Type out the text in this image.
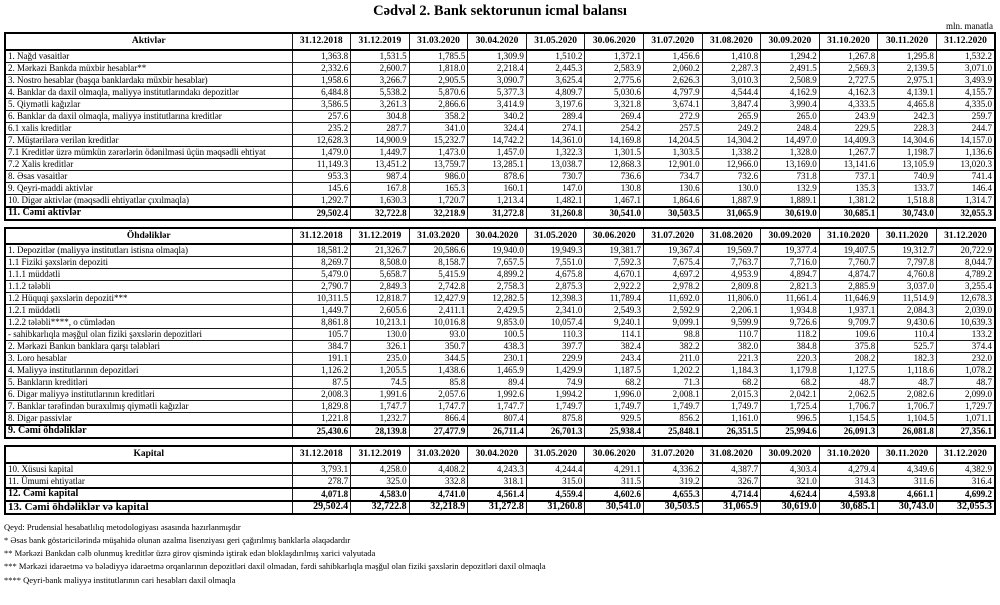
Cədvəl 2. Bank sektorunun icmal balansı
mln. manatla
Aktivlər	31.12.2018	31.12.2019	31.03.2020	30.04.2020	31.05.2020	30.06.2020	31.07.2020	31.08.2020	30.09.2020	31.10.2020	30.11.2020	31.12.2020
1. Nağd vəsaitlər	1,363.8	1,531.5	1,785.5	1,309.9	1,510.2	1,372.1	1,456.6	1,410.8	1,294.2	1,267.8	1,295.8	1,532.2
2. Mərkəzi Bankda müxbir hesablar**	2,332.6	2,600.7	1,818.0	2,218.4	2,445.3	2,583.9	2,060.2	2,287.3	2,491.5	2,569.3	2,139.5	3,071.0
3. Nostro hesablar (başqa banklardakı müxbir hesablar)	1,958.6	3,266.7	2,905.5	3,090.7	3,625.4	2,775.6	2,626.3	3,010.3	2,508.9	2,727.5	2,975.1	3,493.9
4. Banklar da daxil olmaqla, maliyyə institutlarındakı depozitlər	6,484.8	5,538.2	5,870.6	5,377.3	4,809.7	5,030.6	4,797.9	4,544.4	4,162.9	4,162.3	4,139.1	4,155.7
5. Qiymətli kağızlar	3,586.5	3,261.3	2,866.6	3,414.9	3,197.6	3,321.8	3,674.1	3,847.4	3,990.4	4,333.5	4,465.8	4,335.0
6. Banklar da daxil olmaqla, maliyyə institutlarına kreditlər	257.6	304.8	358.2	340.2	289.4	269.4	272.9	265.9	265.0	243.9	242.3	259.7
6.1 xalis kreditlər	235.2	287.7	341.0	324.4	274.1	254.2	257.5	249.2	248.4	229.5	228.3	244.7
7. Müştərilərə verilən kreditlər	12,628.3	14,900.9	15,232.7	14,742.2	14,361.0	14,169.8	14,204.5	14,304.2	14,497.0	14,409.3	14,304.6	14,157.0
7.1 Kreditlər üzrə mümkün zərərlərin ödənilməsi üçün məqsədli ehtiyat	1,479.0	1,449.7	1,473.0	1,457.0	1,322.3	1,301.5	1,303.5	1,338.2	1,328.0	1,267.7	1,198.7	1,136.6
7.2 Xalis kreditlər	11,149.3	13,451.2	13,759.7	13,285.1	13,038.7	12,868.3	12,901.0	12,966.0	13,169.0	13,141.6	13,105.9	13,020.3
8. Əsas vəsaitlər	953.3	987.4	986.0	878.6	730.7	736.6	734.7	732.6	731.8	737.1	740.9	741.4
9. Qeyri-maddi aktivlər	145.6	167.8	165.3	160.1	147.0	130.8	130.6	130.0	132.9	135.3	133.7	146.4
10. Digər aktivlər (məqsədli ehtiyatlar çıxılmaqla)	1,292.7	1,630.3	1,720.7	1,213.4	1,482.1	1,467.1	1,864.6	1,887.9	1,889.1	1,381.2	1,518.8	1,314.7
11. Cəmi aktivlər	29,502.4	32,722.8	32,218.9	31,272.8	31,260.8	30,541.0	30,503.5	31,065.9	30,619.0	30,685.1	30,743.0	32,055.3
Öhdəliklər	31.12.2018	31.12.2019	31.03.2020	30.04.2020	31.05.2020	30.06.2020	31.07.2020	31.08.2020	30.09.2020	31.10.2020	30.11.2020	31.12.2020
1. Depozitlər (maliyyə institutları istisna olmaqla)	18,581.2	21,326.7	20,586.6	19,940.0	19,949.3	19,381.7	19,367.4	19,569.7	19,377.4	19,407.5	19,312.7	20,722.9
1.1 Fiziki şəxslərin depoziti	8,269.7	8,508.0	8,158.7	7,657.5	7,551.0	7,592.3	7,675.4	7,763.7	7,716.0	7,760.7	7,797.8	8,044.7
1.1.1 müddətli	5,479.0	5,658.7	5,415.9	4,899.2	4,675.8	4,670.1	4,697.2	4,953.9	4,894.7	4,874.7	4,760.8	4,789.2
1.1.2 tələbli	2,790.7	2,849.3	2,742.8	2,758.3	2,875.3	2,922.2	2,978.2	2,809.8	2,821.3	2,885.9	3,037.0	3,255.4
1.2 Hüquqi şəxslərin depoziti***	10,311.5	12,818.7	12,427.9	12,282.5	12,398.3	11,789.4	11,692.0	11,806.0	11,661.4	11,646.9	11,514.9	12,678.3
1.2.1 müddətli	1,449.7	2,605.6	2,411.1	2,429.5	2,341.0	2,549.3	2,592.9	2,206.1	1,934.8	1,937.1	2,084.3	2,039.0
1.2.2 tələbli****, o cümlədən	8,861.8	10,213.1	10,016.8	9,853.0	10,057.4	9,240.1	9,099.1	9,599.9	9,726.6	9,709.7	9,430.6	10,639.3
- sahibkarlıqla məşğul olan fiziki şəxslərin depozitləri	105.7	130.0	93.0	100.5	110.3	114.1	98.8	110.7	118.2	109.6	110.4	133.2
2. Mərkəzi Bankın banklara qarşı tələbləri	384.7	326.1	350.7	438.3	397.7	382.4	382.2	382.0	384.8	375.8	525.7	374.4
3. Loro hesablar	191.1	235.0	344.5	230.1	229.9	243.4	211.0	221.3	220.3	208.2	182.3	232.0
4. Maliyyə institutlarının depozitləri	1,126.2	1,205.5	1,438.6	1,465.9	1,429.9	1,187.5	1,202.2	1,184.3	1,179.8	1,127.5	1,118.6	1,078.2
5. Bankların kreditləri	87.5	74.5	85.8	89.4	74.9	68.2	71.3	68.2	68.2	48.7	48.7	48.7
6. Digər maliyyə institutlarının kreditləri	2,008.3	1,991.6	2,057.6	1,992.6	1,994.2	1,996.0	2,008.1	2,015.3	2,042.1	2,062.5	2,082.6	2,099.0
7. Banklar tərəfindən buraxılmış qiymətli kağızlar	1,829.8	1,747.7	1,747.7	1,747.7	1,749.7	1,749.7	1,749.7	1,749.7	1,725.4	1,706.7	1,706.7	1,729.7
8. Digər passivlər	1,221.8	1,232.7	866.4	807.4	875.8	929.5	856.2	1,161.0	996.5	1,154.5	1,104.5	1,071.1
9. Cəmi öhdəliklər	25,430.6	28,139.8	27,477.9	26,711.4	26,701.3	25,938.4	25,848.1	26,351.5	25,994.6	26,091.3	26,081.8	27,356.1
Kapital	31.12.2018	31.12.2019	31.03.2020	30.04.2020	31.05.2020	30.06.2020	31.07.2020	31.08.2020	30.09.2020	31.10.2020	30.11.2020	31.12.2020
10. Xüsusi kapital	3,793.1	4,258.0	4,408.2	4,243.3	4,244.4	4,291.1	4,336.2	4,387.7	4,303.4	4,279.4	4,349.6	4,382.9
11. Ümumi ehtiyatlar	278.7	325.0	332.8	318.1	315.0	311.5	319.2	326.7	321.0	314.3	311.6	316.4
12. Cəmi kapital	4,071.8	4,583.0	4,741.0	4,561.4	4,559.4	4,602.6	4,655.3	4,714.4	4,624.4	4,593.8	4,661.1	4,699.2
13. Cəmi öhdəliklər və kapital	29,502.4	32,722.8	32,218.9	31,272.8	31,260.8	30,541.0	30,503.5	31,065.9	30,619.0	30,685.1	30,743.0	32,055.3
Qeyd: Prudensial hesabatlılıq metodologiyası əsasında hazırlanmışdır
* Əsas bank göstəricilərində müşahidə olunan azalma lisenziyası geri çağırılmış banklarla əlaqədardır
** Mərkəzi Bankdan cəlb olunmuş kreditlər üzrə girov qismində iştirak edən bloklaşdırılmış xarici valyutada
*** Mərkəzi idarəetmə və bələdiyyə idarəetmə orqanlarının depozitləri daxil olmadan, fərdi sahibkarlıqla məşğul olan fiziki şəxslərin depozitləri daxil olmaqla
**** Qeyri-bank maliyyə institutlarının cari hesabları daxil olmaqla
